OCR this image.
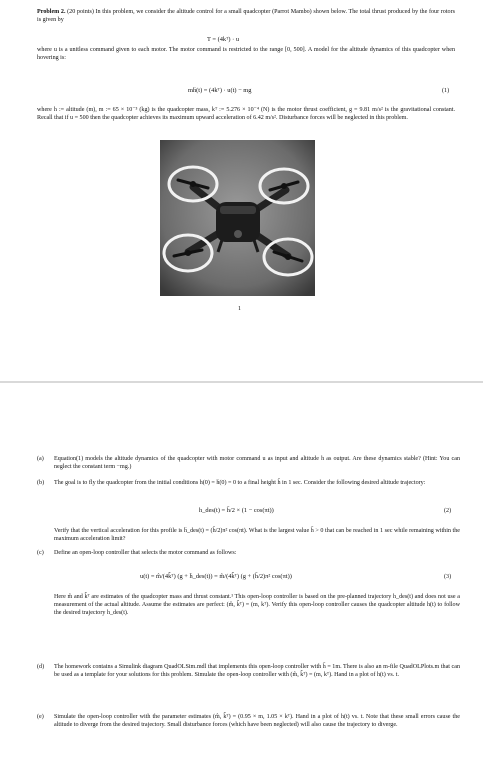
Problem 2. (20 points) In this problem, we consider the altitude control for a small quadcopter (Parrot Mambo) shown below. The total thrust produced by the four rotors is given by
T = (4kᵀ) · u
where u is a unitless command given to each motor. The motor command is restricted to the range [0, 500]. A model for the altitude dynamics of this quadcopter when hovering is:
mḧ(t) = (4kᵀ) · u(t) − mg	(1)
where h := altitude (m), m := 65 × 10⁻³ (kg) is the quadcopter mass, kᵀ := 5.276 × 10⁻⁴ (N) is the motor thrust coefficient, g = 9.81 m/s² is the gravitational constant. Recall that if u = 500 then the quadcopter achieves its maximum upward acceleration of 6.42 m/s². Disturbance forces will be neglected in this problem.
1
(a) Equation(1) models the altitude dynamics of the quadcopter with motor command u as input and altitude h as output. Are these dynamics stable? (Hint: You can neglect the constant term −mg.)
(b) The goal is to fly the quadcopter from the initial conditions h(0) = ḣ(0) = 0 to a final height h̄ in 1 sec. Consider the following desired altitude trajectory:
h_des(t) = h̄/2 × (1 − cos(πt))	(2)
Verify that the vertical acceleration for this profile is ḧ_des(t) = (h̄/2)π² cos(πt). What is the largest value h̄ > 0 that can be reached in 1 sec while remaining within the maximum acceleration limit?
(c) Define an open-loop controller that selects the motor command as follows:
u(t) = m̂/(4k̂ᵀ) (g + ḧ_des(t)) = m̂/(4k̂ᵀ) (g + (h̄/2)π² cos(πt))	(3)
Here m̂ and k̂ᵀ are estimates of the quadcopter mass and thrust constant.¹ This open-loop controller is based on the pre-planned trajectory h_des(t) and does not use a measurement of the actual altitude. Assume the estimates are perfect: (m̂, k̂ᵀ) = (m, kᵀ). Verify this open-loop controller causes the quadcopter altitude h(t) to follow the desired trajectory h_des(t).
(d) The homework contains a Simulink diagram QuadOLSim.mdl that implements this open-loop controller with h̄ = 1m. There is also an m-file QuadOLPlots.m that can be used as a template for your solutions for this problem. Simulate the open-loop controller with (m̂, k̂ᵀ) = (m, kᵀ). Hand in a plot of h(t) vs. t.
(e) Simulate the open-loop controller with the parameter estimates (m̂, k̂ᵀ) = (0.95 × m, 1.05 × kᵀ). Hand in a plot of h(t) vs. t. Note that these small errors cause the altitude to diverge from the desired trajectory. Small disturbance forces (which have been neglected) will also cause the trajectory to diverge.
